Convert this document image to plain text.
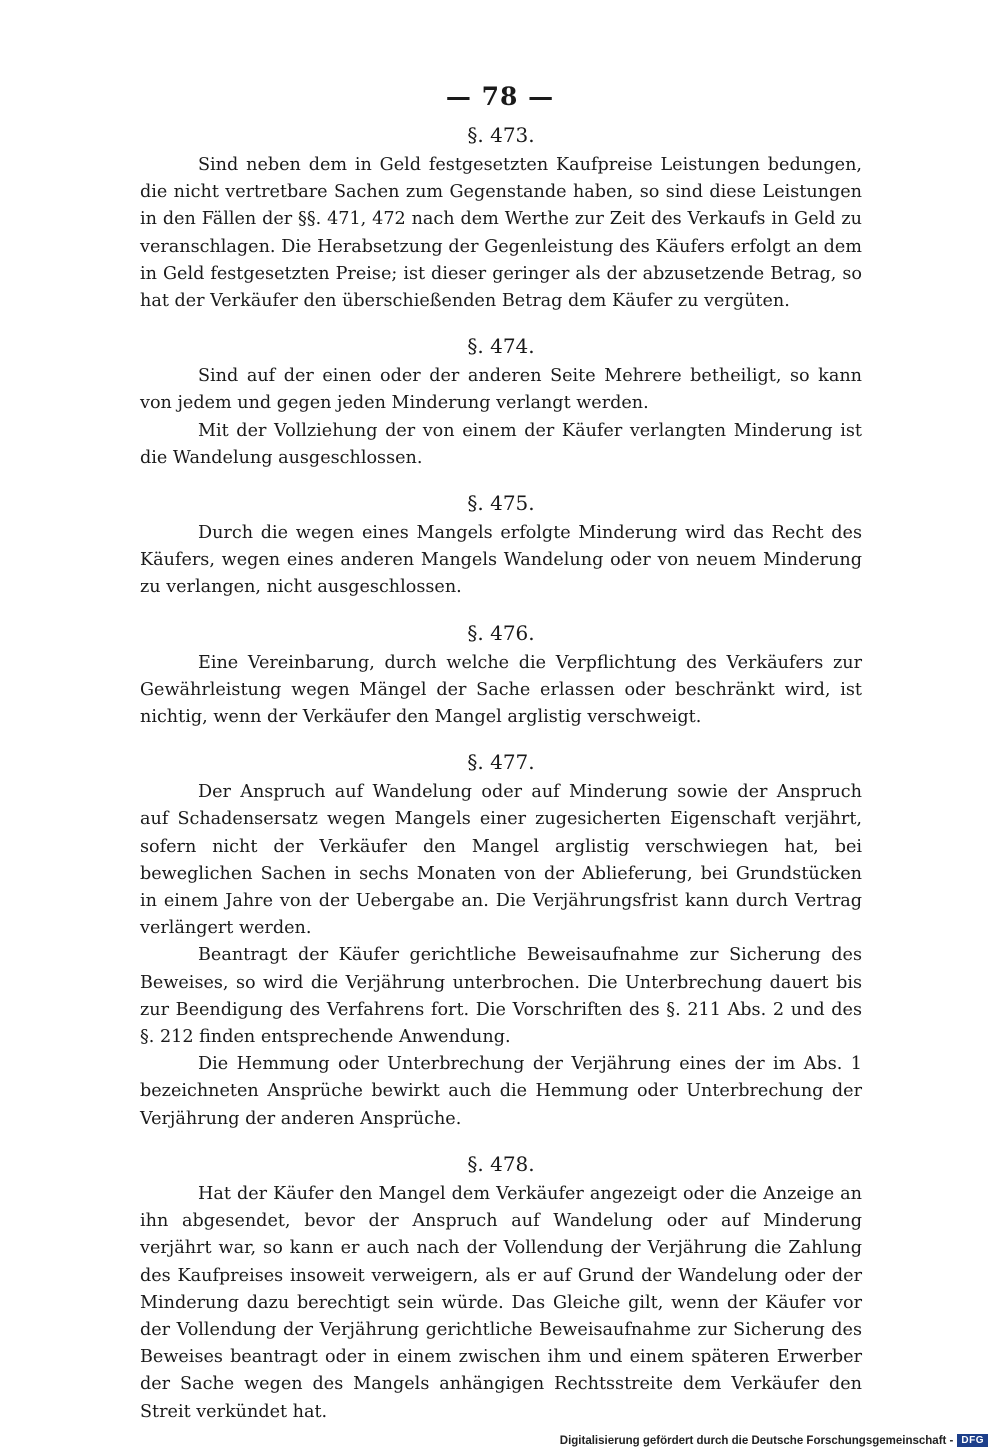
— 78 —

§. 473.

Sind neben dem in Geld festgesetzten Kaufpreise Leistungen bedungen, die nicht vertretbare Sachen zum Gegenstande haben, so sind diese Leistungen in den Fällen der §§. 471, 472 nach dem Werthe zur Zeit des Verkaufs in Geld zu veranschlagen. Die Herabsetzung der Gegenleistung des Käufers erfolgt an dem in Geld festgesetzten Preise; ist dieser geringer als der abzusetzende Betrag, so hat der Verkäufer den überschießenden Betrag dem Käufer zu vergüten.

§. 474.

Sind auf der einen oder der anderen Seite Mehrere betheiligt, so kann von jedem und gegen jeden Minderung verlangt werden.

Mit der Vollziehung der von einem der Käufer verlangten Minderung ist die Wandelung ausgeschlossen.

§. 475.

Durch die wegen eines Mangels erfolgte Minderung wird das Recht des Käufers, wegen eines anderen Mangels Wandelung oder von neuem Minderung zu verlangen, nicht ausgeschlossen.

§. 476.

Eine Vereinbarung, durch welche die Verpflichtung des Verkäufers zur Gewährleistung wegen Mängel der Sache erlassen oder beschränkt wird, ist nichtig, wenn der Verkäufer den Mangel arglistig verschweigt.

§. 477.

Der Anspruch auf Wandelung oder auf Minderung sowie der Anspruch auf Schadensersatz wegen Mangels einer zugesicherten Eigenschaft verjährt, sofern nicht der Verkäufer den Mangel arglistig verschwiegen hat, bei beweglichen Sachen in sechs Monaten von der Ablieferung, bei Grundstücken in einem Jahre von der Uebergabe an. Die Verjährungsfrist kann durch Vertrag verlängert werden.

Beantragt der Käufer gerichtliche Beweisaufnahme zur Sicherung des Beweises, so wird die Verjährung unterbrochen. Die Unterbrechung dauert bis zur Beendigung des Verfahrens fort. Die Vorschriften des §. 211 Abs. 2 und des §. 212 finden entsprechende Anwendung.

Die Hemmung oder Unterbrechung der Verjährung eines der im Abs. 1 bezeichneten Ansprüche bewirkt auch die Hemmung oder Unterbrechung der Verjährung der anderen Ansprüche.

§. 478.

Hat der Käufer den Mangel dem Verkäufer angezeigt oder die Anzeige an ihn abgesendet, bevor der Anspruch auf Wandelung oder auf Minderung verjährt war, so kann er auch nach der Vollendung der Verjährung die Zahlung des Kaufpreises insoweit verweigern, als er auf Grund der Wandelung oder der Minderung dazu berechtigt sein würde. Das Gleiche gilt, wenn der Käufer vor der Vollendung der Verjährung gerichtliche Beweisaufnahme zur Sicherung des Beweises beantragt oder in einem zwischen ihm und einem späteren Erwerber der Sache wegen des Mangels anhängigen Rechtsstreite dem Verkäufer den Streit verkündet hat.

Digitalisierung gefördert durch die Deutsche Forschungsgemeinschaft - DFG
